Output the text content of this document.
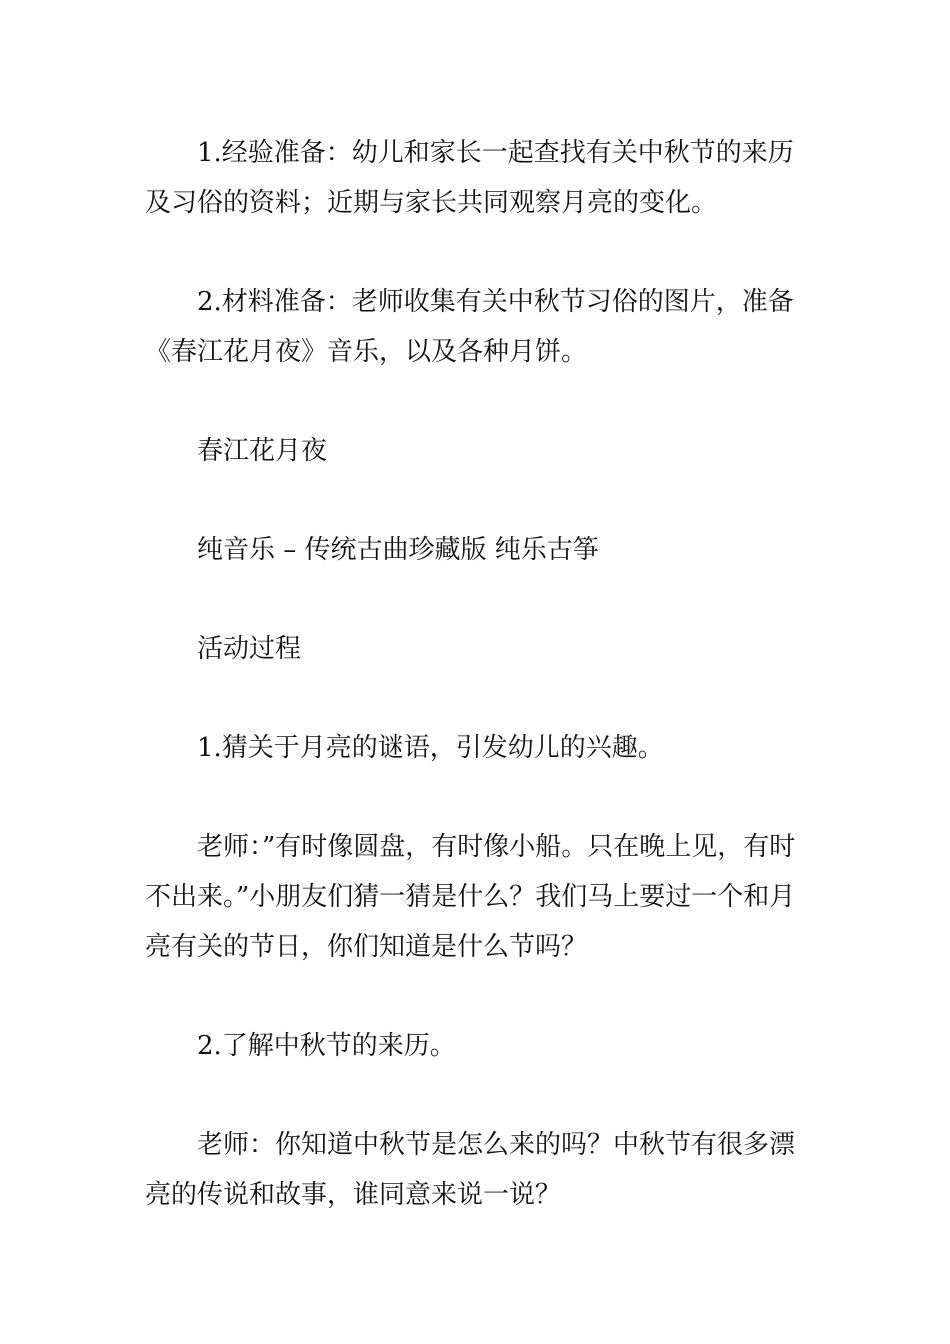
1.经验准备：幼儿和家长一起查找有关中秋节的来历及习俗的资料；近期与家长共同观察月亮的变化。

2.材料准备：老师收集有关中秋节习俗的图片，准备《春江花月夜》音乐，以及各种月饼。

春江花月夜

纯音乐 – 传统古曲珍藏版 纯乐古筝

活动过程

1.猜关于月亮的谜语，引发幼儿的兴趣。

老师：”有时像圆盘，有时像小船。只在晚上见，有时不出来。”小朋友们猜一猜是什么？我们马上要过一个和月亮有关的节日，你们知道是什么节吗？

2.了解中秋节的来历。

老师：你知道中秋节是怎么来的吗？中秋节有很多漂亮的传说和故事，谁同意来说一说？
